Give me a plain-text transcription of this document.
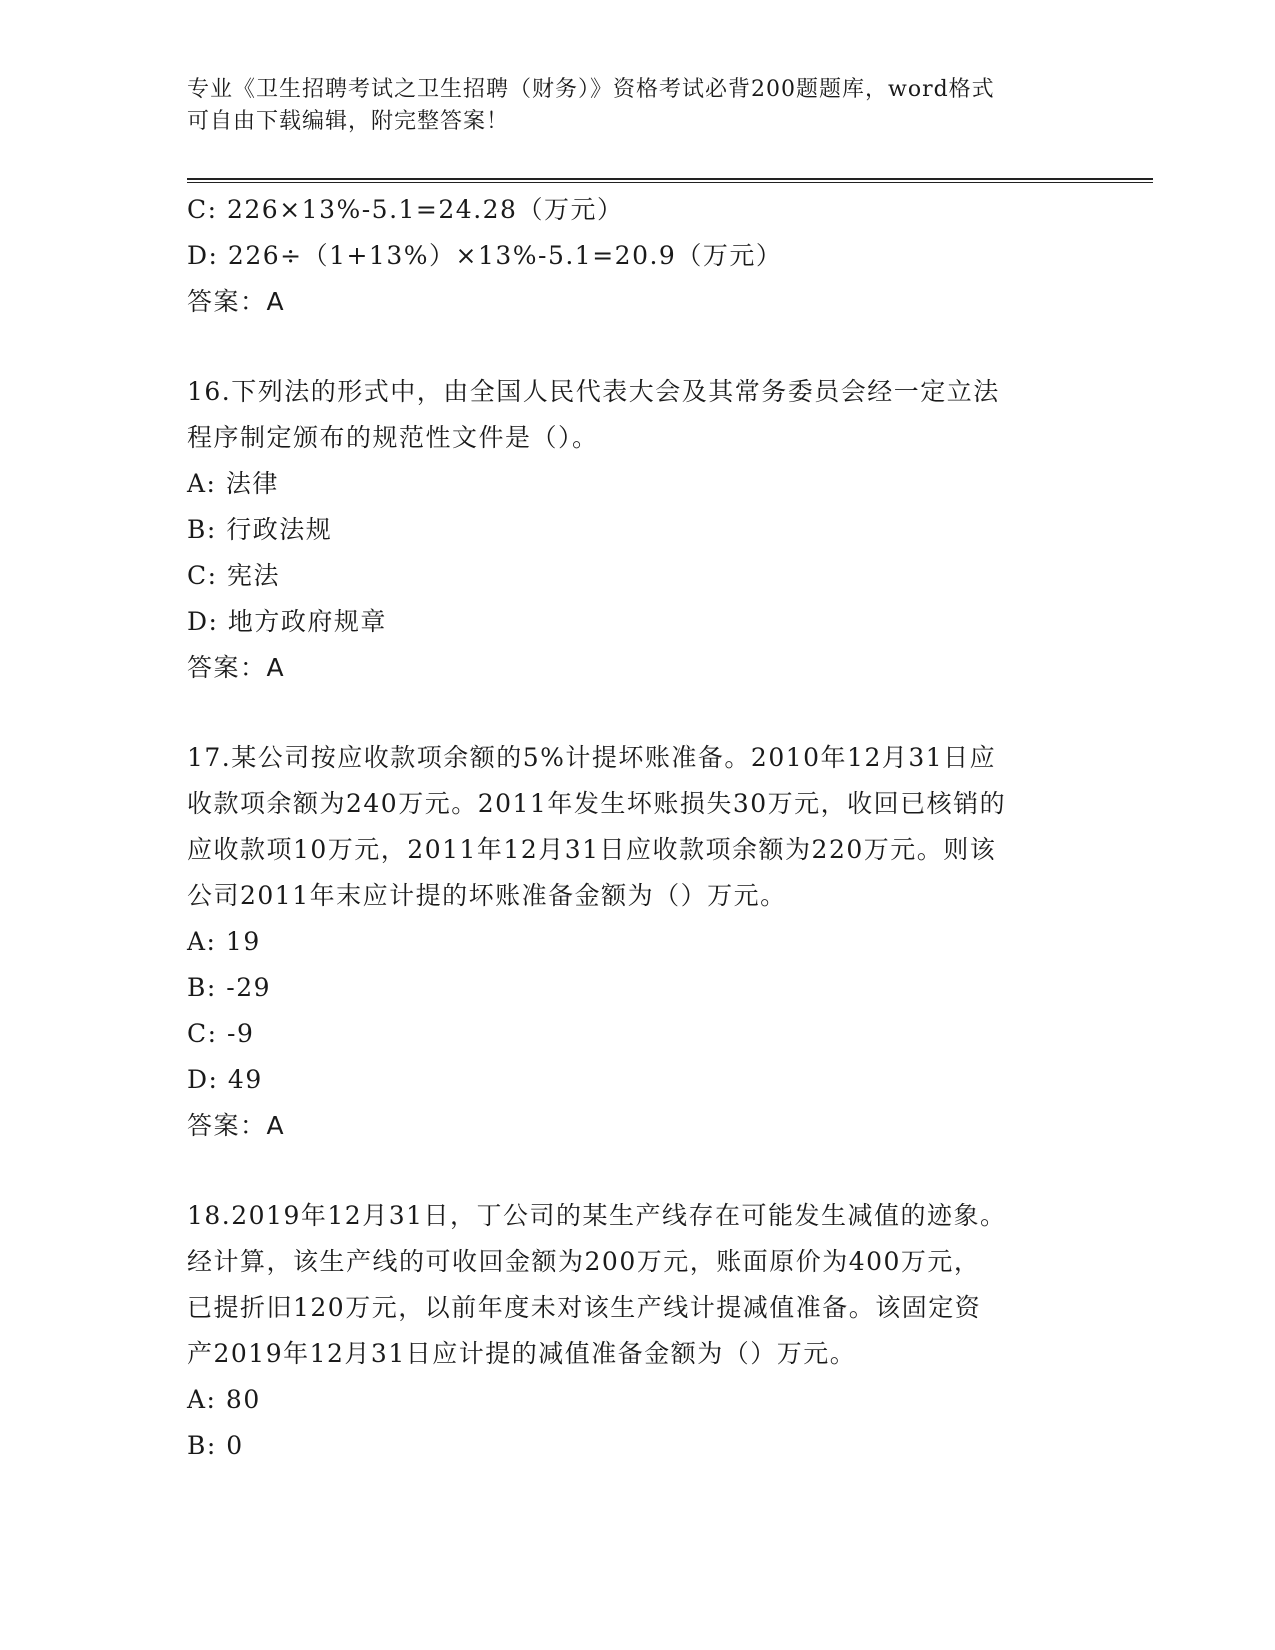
专业《卫生招聘考试之卫生招聘（财务）》资格考试必背200题题库，word格式
可自由下载编辑，附完整答案！
C: 226×13%-5.1=24.28（万元）
D: 226÷（1+13%）×13%-5.1=20.9（万元）
答案：A
16.下列法的形式中，由全国人民代表大会及其常务委员会经一定立法
程序制定颁布的规范性文件是（）。
A: 法律
B: 行政法规
C: 宪法
D: 地方政府规章
答案：A
17.某公司按应收款项余额的5%计提坏账准备。2010年12月31日应
收款项余额为240万元。2011年发生坏账损失30万元，收回已核销的
应收款项10万元，2011年12月31日应收款项余额为220万元。则该
公司2011年末应计提的坏账准备金额为（）万元。
A: 19
B: -29
C: -9
D: 49
答案：A
18.2019年12月31日，丁公司的某生产线存在可能发生减值的迹象。
经计算，该生产线的可收回金额为200万元，账面原价为400万元，
已提折旧120万元，以前年度未对该生产线计提减值准备。该固定资
产2019年12月31日应计提的减值准备金额为（）万元。
A: 80
B: 0
